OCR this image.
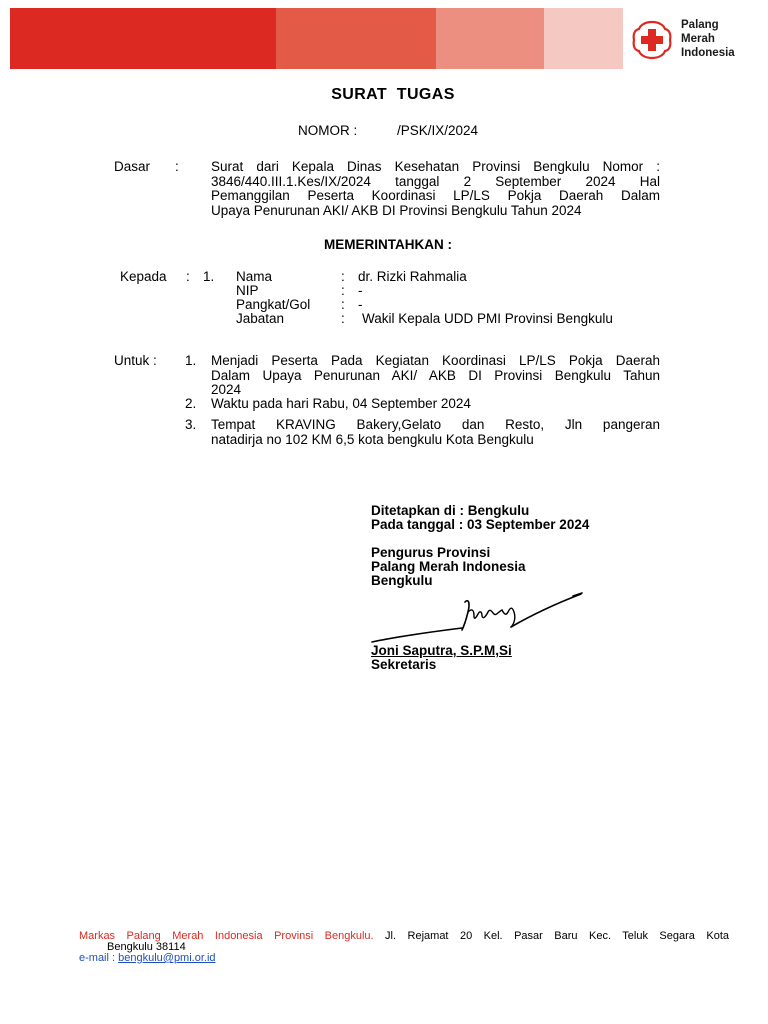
Palang
Merah
Indonesia
SURAT  TUGAS
NOMOR :	/PSK/IX/2024
Dasar : Surat dari Kepala Dinas Kesehatan Provinsi Bengkulu Nomor :
3846/440.III.1.Kes/IX/2024 tanggal 2 September 2024 Hal
Pemanggilan Peserta Koordinasi LP/LS Pokja Daerah Dalam
Upaya Penurunan AKI/ AKB DI Provinsi Bengkulu Tahun 2024
MEMERINTAHKAN :
Kepada : 1. Nama	: dr. Rizki Rahmalia
NIP	: -
Pangkat/Gol : -
Jabatan	: Wakil Kepala UDD PMI Provinsi Bengkulu
Untuk : 1. Menjadi Peserta Pada Kegiatan Koordinasi LP/LS Pokja Daerah
Dalam Upaya Penurunan AKI/ AKB DI Provinsi Bengkulu Tahun
2024
2. Waktu pada hari Rabu, 04 September 2024
3. Tempat KRAVING Bakery,Gelato dan Resto, Jln pangeran
natadirja no 102 KM 6,5 kota bengkulu Kota Bengkulu
Ditetapkan di : Bengkulu
Pada tanggal : 03 September 2024
Pengurus Provinsi
Palang Merah Indonesia
Bengkulu
Joni Saputra, S.P.M,Si
Sekretaris
Markas Palang Merah Indonesia Provinsi Bengkulu. Jl. Rejamat 20 Kel. Pasar Baru Kec. Teluk Segara Kota
Bengkulu 38114
e-mail : bengkulu@pmi.or.id
